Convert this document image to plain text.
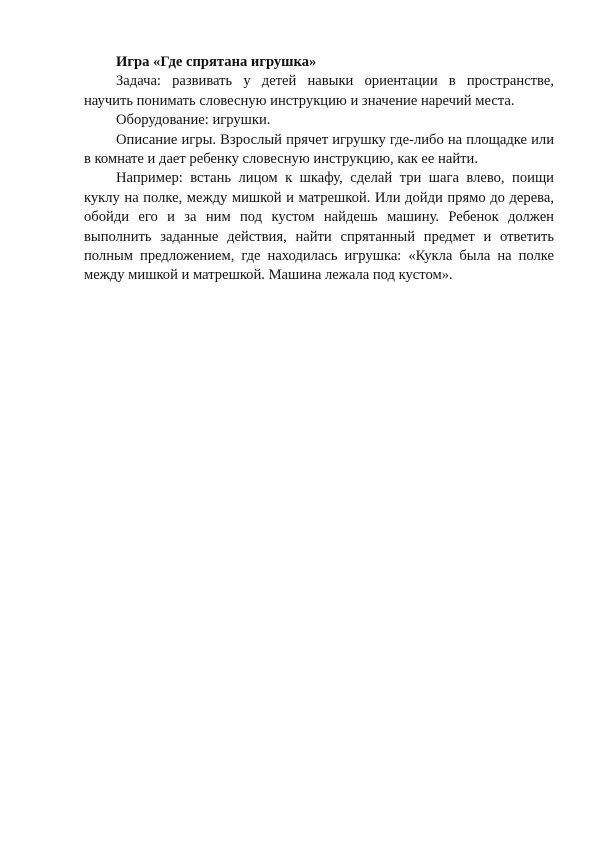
Игра «Где спрятана игрушка»

Задача: развивать у детей навыки ориентации в пространстве, научить понимать словесную инструкцию и значение наречий места.

Оборудование: игрушки.

Описание игры. Взрослый прячет игрушку где-либо на площадке или в комнате и дает ребенку словесную инструкцию, как ее найти.

Например: встань лицом к шкафу, сделай три шага влево, поищи куклу на полке, между мишкой и матрешкой. Или дойди прямо до дерева, обойди его и за ним под кустом найдешь машину. Ребенок должен выполнить заданные действия, найти спрятанный предмет и ответить полным предложением, где находилась игрушка: «Кукла была на полке между мишкой и матрешкой. Машина лежала под кустом».
